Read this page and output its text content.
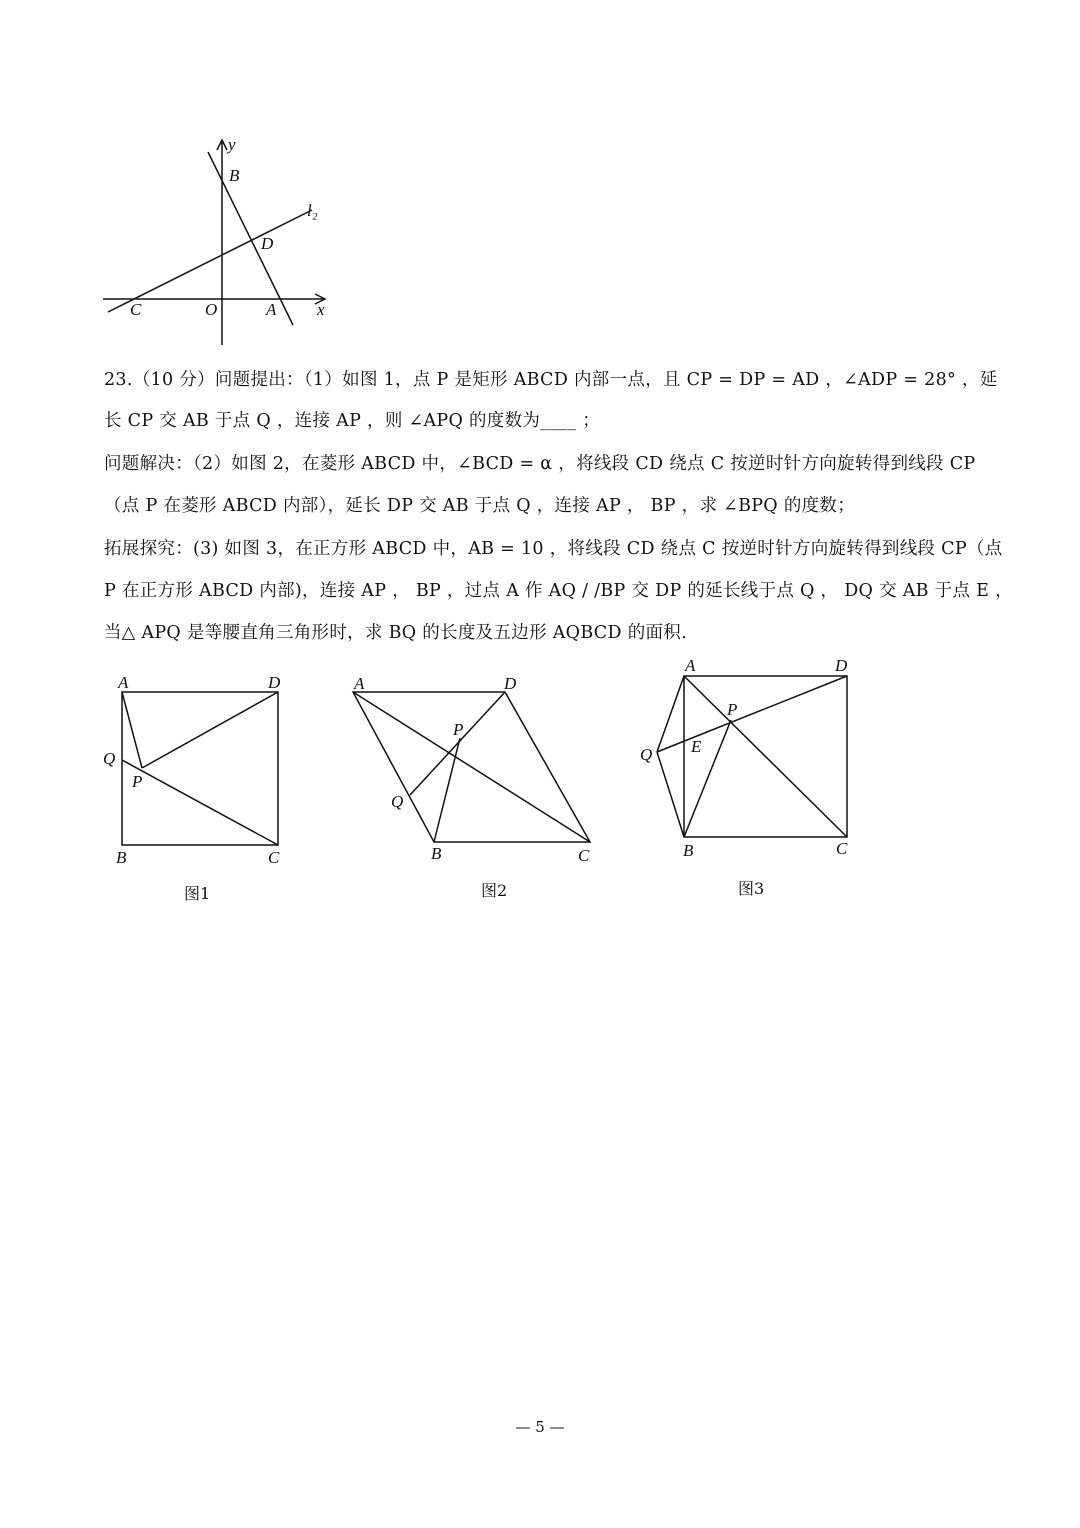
y
B
l₂
D
C	O	A x
A	D
Q
P
B	C
图1
A	D
P
Q
B	C
图2
A	D
P
Q E
B	C
图3
23.（10 分）问题提出：（1）如图 1，点 P 是矩形 ABCD 内部一点，且 CP = DP = AD ，∠ADP = 28° ，延
长 CP 交 AB 于点 Q ，连接 AP ，则 ∠APQ 的度数为____ ；
问题解决：（2）如图 2，在菱形 ABCD 中，∠BCD = α ，将线段 CD 绕点 C 按逆时针方向旋转得到线段 CP
（点 P 在菱形 ABCD 内部），延长 DP 交 AB 于点 Q ，连接 AP ， BP ，求 ∠BPQ 的度数；
拓展探究：(3) 如图 3，在正方形 ABCD 中，AB = 10 ，将线段 CD 绕点 C 按逆时针方向旋转得到线段 CP（点
P 在正方形 ABCD 内部)，连接 AP ， BP ，过点 A 作 AQ / /BP 交 DP 的延长线于点 Q ， DQ 交 AB 于点 E ，
当△ APQ 是等腰直角三角形时，求 BQ 的长度及五边形 AQBCD 的面积.
— 5 —
